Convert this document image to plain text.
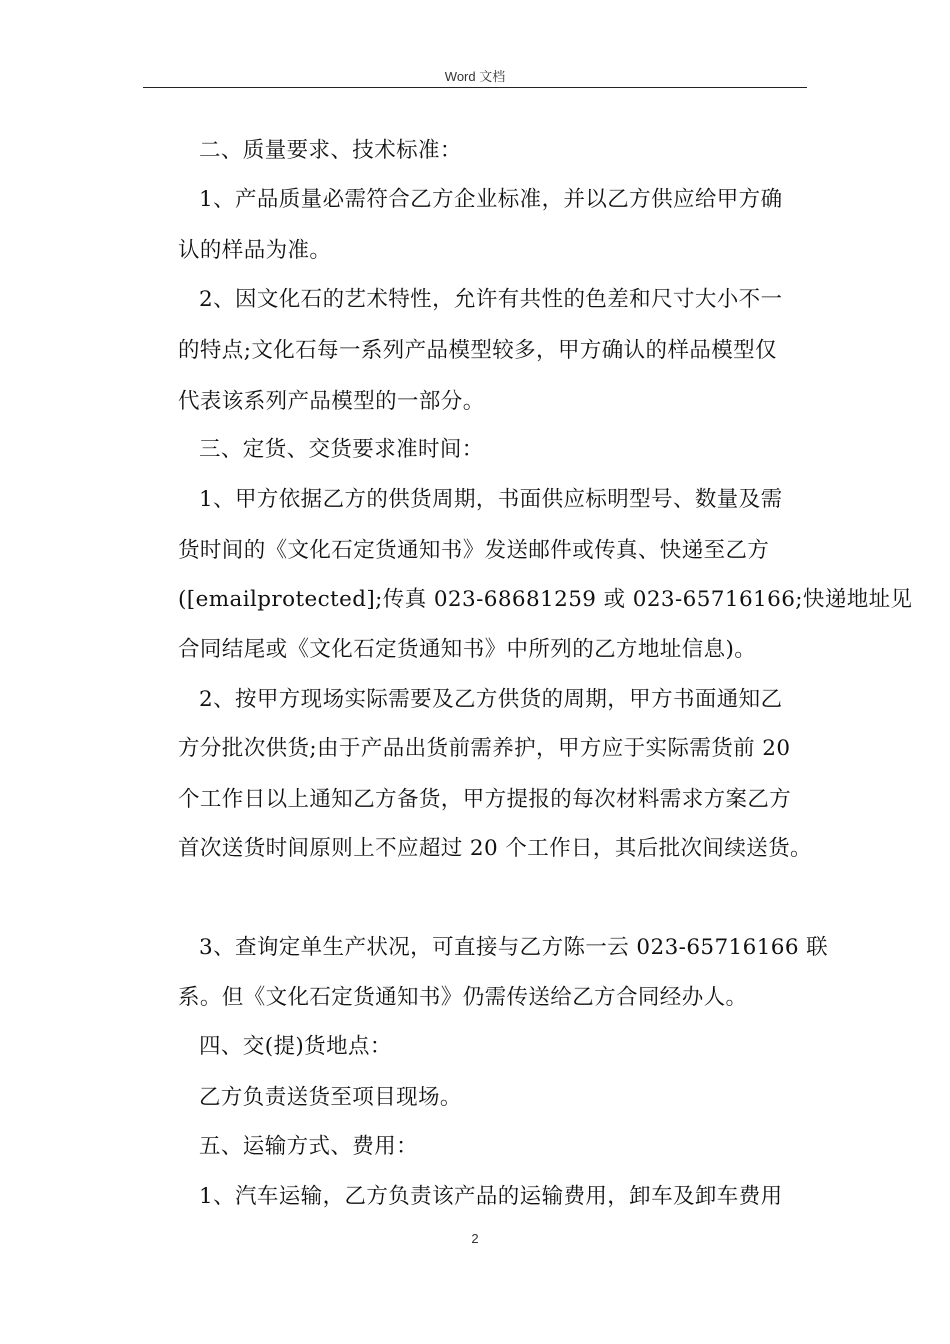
Word 文档
二、质量要求、技术标准：
1、产品质量必需符合乙方企业标准，并以乙方供应给甲方确
认的样品为准。
2、因文化石的艺术特性，允许有共性的色差和尺寸大小不一
的特点;文化石每一系列产品模型较多，甲方确认的样品模型仅
代表该系列产品模型的一部分。
三、定货、交货要求准时间：
1、甲方依据乙方的供货周期，书面供应标明型号、数量及需
货时间的《文化石定货通知书》发送邮件或传真、快递至乙方
([emailprotected];传真 023-68681259 或 023-65716166;快递地址见
合同结尾或《文化石定货通知书》中所列的乙方地址信息)。
2、按甲方现场实际需要及乙方供货的周期，甲方书面通知乙
方分批次供货;由于产品出货前需养护，甲方应于实际需货前 20
个工作日以上通知乙方备货，甲方提报的每次材料需求方案乙方
首次送货时间原则上不应超过 20 个工作日，其后批次间续送货。
3、查询定单生产状况，可直接与乙方陈一云 023-65716166 联
系。但《文化石定货通知书》仍需传送给乙方合同经办人。
四、交(提)货地点：
乙方负责送货至项目现场。
五、运输方式、费用：
1、汽车运输，乙方负责该产品的运输费用，卸车及卸车费用
2
